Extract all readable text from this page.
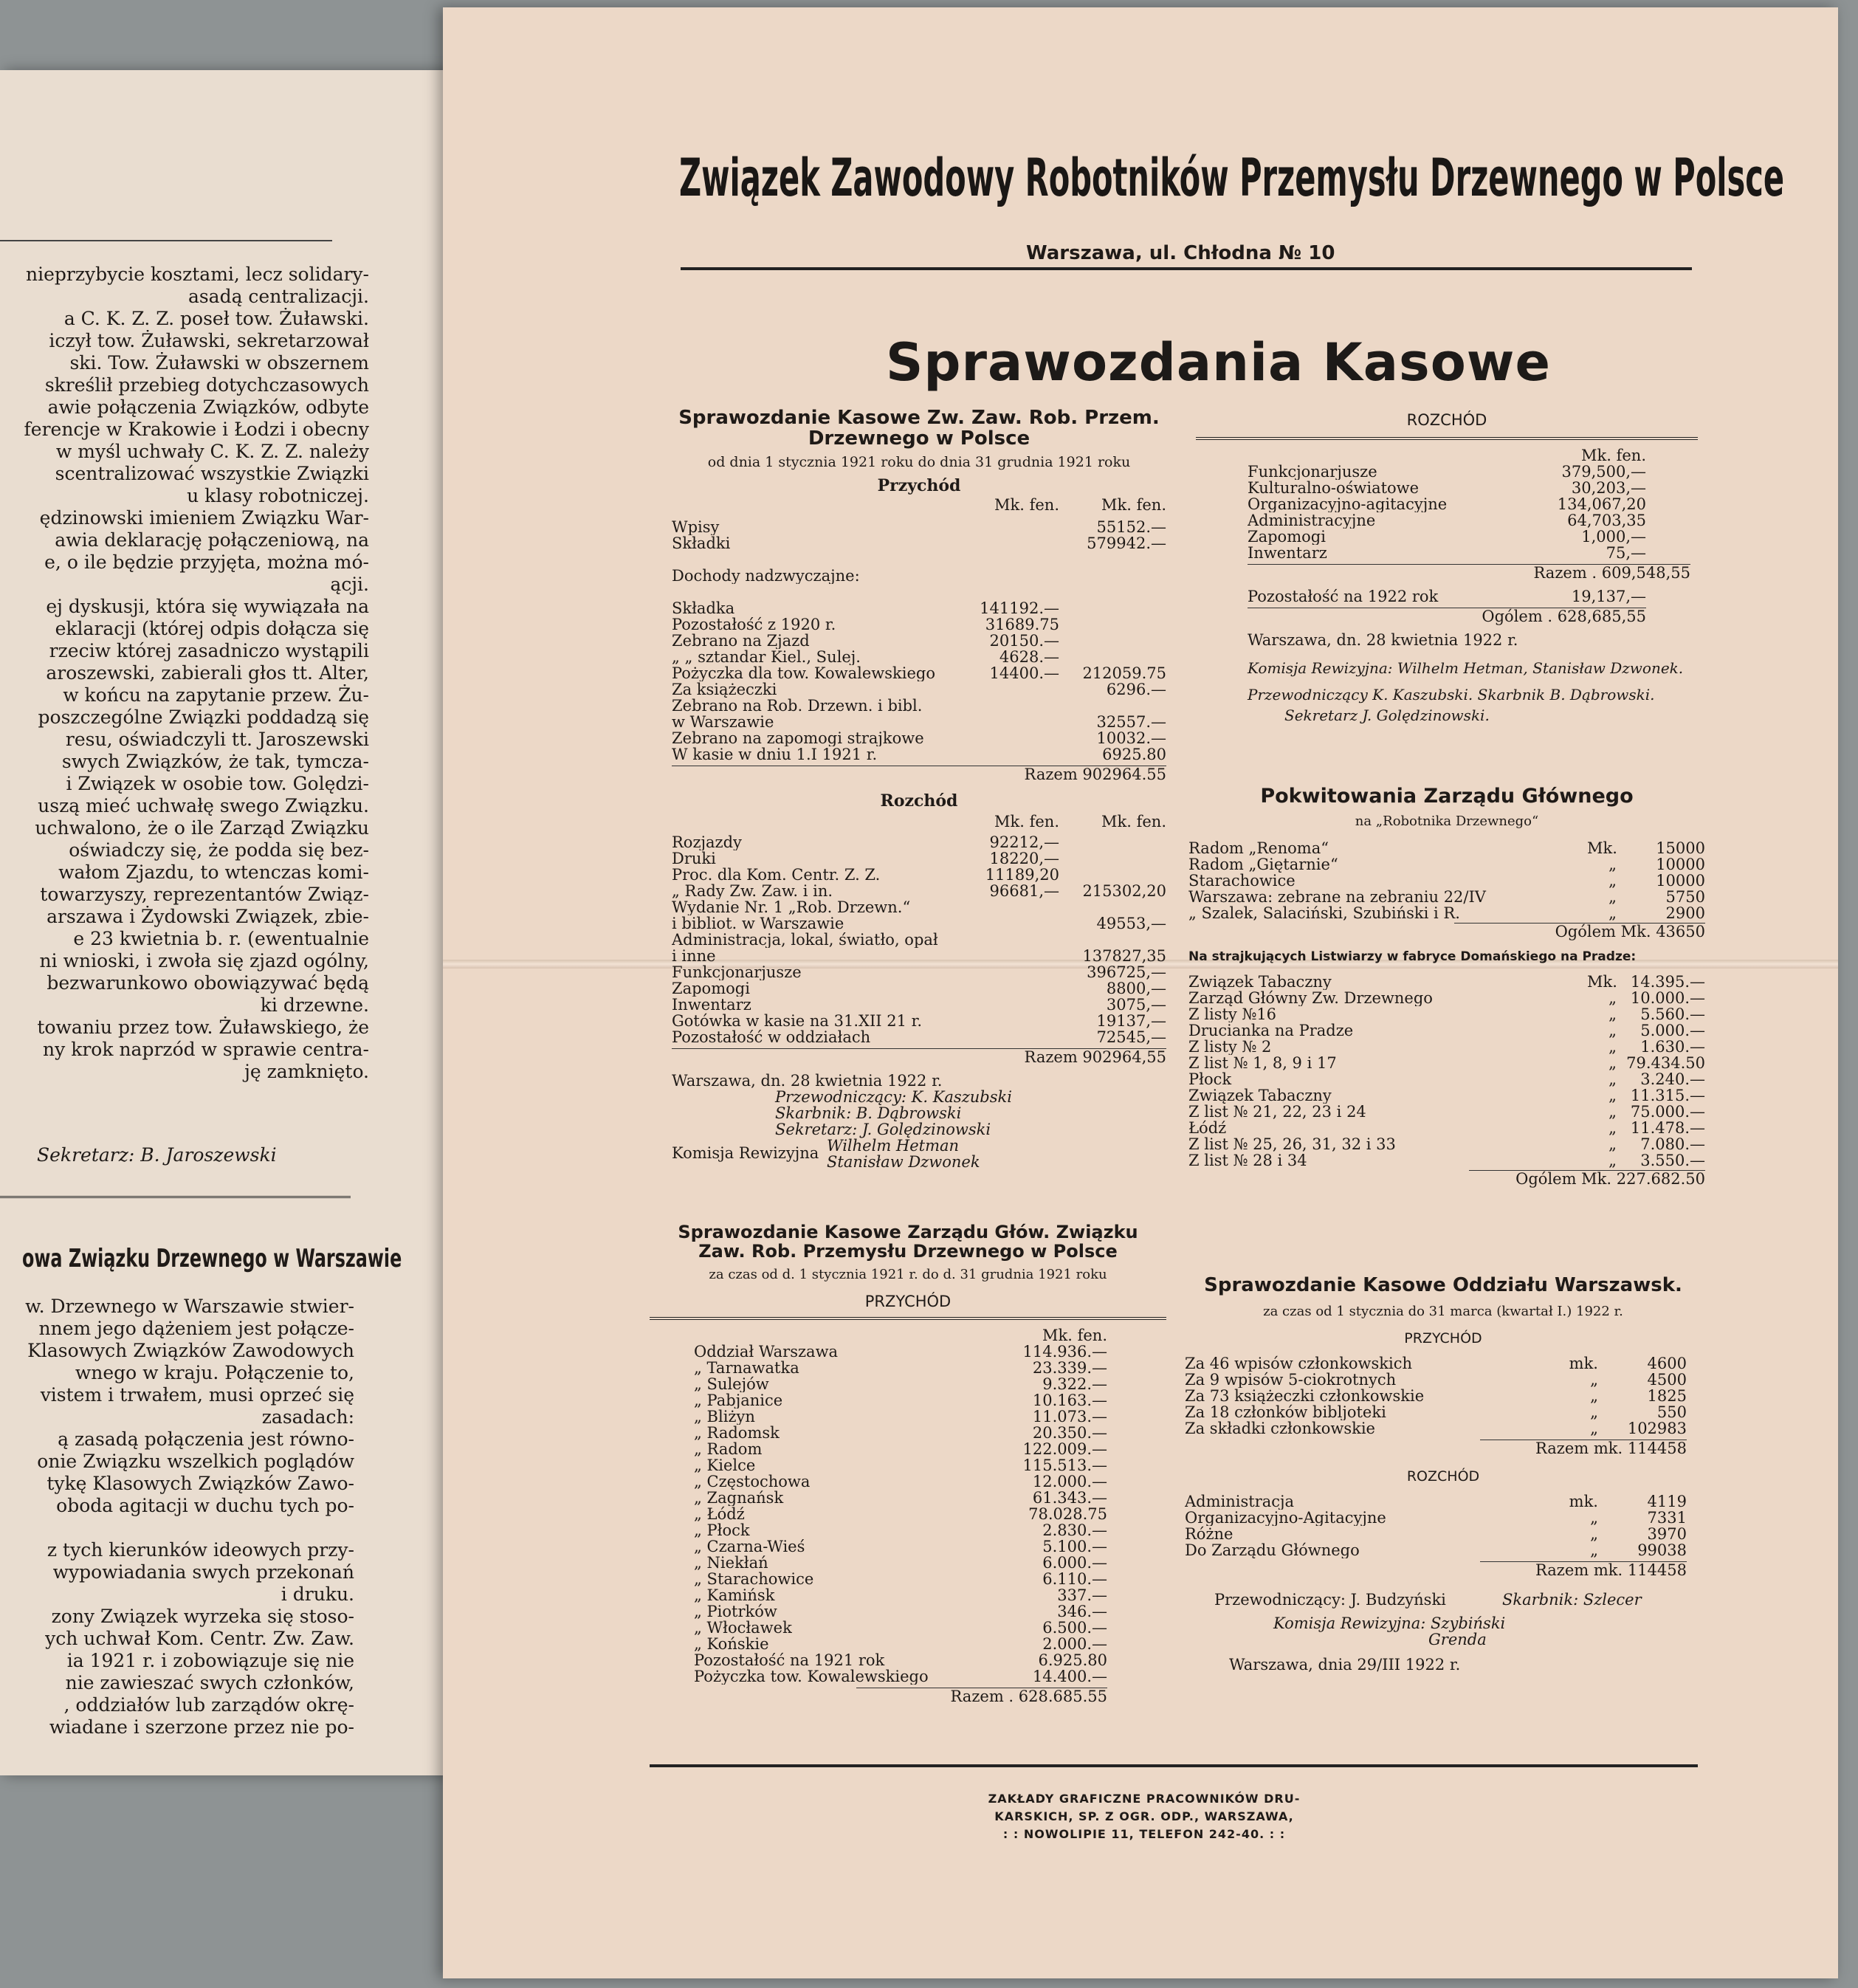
nieprzybycie kosztami, lecz solidary-
asadą centralizacji.
a C. K. Z. Z. poseł tow. Żuławski.
iczył tow. Żuławski, sekretarzował
ski. Tow. Żuławski w obszernem
skreślił przebieg dotychczasowych
awie połączenia Związków, odbyte
ferencje w Krakowie i Łodzi i obecny
w myśl uchwały C. K. Z. Z. należy
scentralizować wszystkie Związki
u klasy robotniczej.
ędzinowski imieniem Związku War-
awia deklarację połączeniową, na
e, o ile będzie przyjęta, można mó-
ącji.
ej dyskusji, która się wywiązała na
eklaracji (której odpis dołącza się
rzeciw której zasadniczo wystąpili
aroszewski, zabierali głos tt. Alter,
w końcu na zapytanie przew. Żu-
poszczególne Związki poddadzą się
resu, oświadczyli tt. Jaroszewski
swych Związków, że tak, tymcza-
i Związek w osobie tow. Golędzi-
uszą mieć uchwałę swego Związku.
uchwalono, że o ile Zarząd Związku
oświadczy się, że podda się bez-
wałom Zjazdu, to wtenczas komi-
towarzyszy, reprezentantów Związ-
arszawa i Żydowski Związek, zbie-
e 23 kwietnia b. r. (ewentualnie
ni wnioski, i zwoła się zjazd ogólny,
bezwarunkowo obowiązywać będą
ki drzewne.
towaniu przez tow. Żuławskiego, że
ny krok naprzód w sprawie centra-
ję zamknięto.
Sekretarz: B. Jaroszewski
owa Związku Drzewnego w Warszawie
w. Drzewnego w Warszawie stwier-
nnem jego dążeniem jest połącze-
Klasowych Związków Zawodowych
wnego w kraju. Połączenie to,
vistem i trwałem, musi oprzeć się
zasadach:
ą zasadą połączenia jest równo-
onie Związku wszelkich poglądów
tykę Klasowych Związków Zawo-
oboda agitacji w duchu tych po-
z tych kierunków ideowych przy-
wypowiadania swych przekonań
i druku.
zony Związek wyrzeka się stoso-
ych uchwał Kom. Centr. Zw. Zaw.
ia 1921 r. i zobowiązuje się nie
nie zawieszać swych członków,
, oddziałów lub zarządów okrę-
wiadane i szerzone przez nie po-
Związek Zawodowy Robotników Przemysłu Drzewnego w Polsce
Warszawa, ul. Chłodna № 10
Sprawozdania Kasowe
Sprawozdanie Kasowe Zw. Zaw. Rob. Przem.
Drzewnego w Polsce
od dnia 1 stycznia 1921 roku do dnia 31 grudnia 1921 roku
Przychód
Mk. fen.	Mk. fen.
Wpisy	55152.—
Składki	579942.—
Dochody nadzwyczajne:
Składka	141192.—
Pozostałość z 1920 r.	31689.75
Zebrano na Zjazd	20150.—
„ „ sztandar Kiel., Sulej.	4628.—
Pożyczka dla tow. Kowalewskiego	14400.—	212059.75
Za książeczki	6296.—
Zebrano na Rob. Drzewn. i bibl.
w Warszawie	32557.—
Zebrano na zapomogi strajkowe	10032.—
W kasie w dniu 1.I 1921 r.	6925.80
Razem 902964.55
Rozchód
Mk. fen.	Mk. fen.
Rozjazdy	92212,—
Druki	18220,—
Proc. dla Kom. Centr. Z. Z.	11189,20
„ Rady Zw. Zaw. i in.	96681,—	215302,20
Wydanie Nr. 1 „Rob. Drzewn.“
i bibliot. w Warszawie	49553,—
Administracja, lokal, światło, opał
i inne	137827,35
Funkcjonarjusze	396725,—
Zapomogi	8800,—
Inwentarz	3075,—
Gotówka w kasie na 31.XII 21 r.	19137,—
Pozostałość w oddziałach	72545,—
Razem 902964,55
Warszawa, dn. 28 kwietnia 1922 r.
Przewodniczący: K. Kaszubski
Skarbnik: B. Dąbrowski
Sekretarz: J. Golędzinowski
Komisja Rewizyjna Wilhelm Hetman
Stanisław Dzwonek
ROZCHÓD
Mk. fen.
Funkcjonarjusze	379,500,—
Kulturalno-oświatowe	30,203,—
Organizacyjno-agitacyjne	134,067,20
Administracyjne	64,703,35
Zapomogi	1,000,—
Inwentarz	75,—
Razem . 609,548,55
Pozostałość na 1922 rok	19,137,—
Ogólem . 628,685,55
Warszawa, dn. 28 kwietnia 1922 r.
Komisja Rewizyjna: Wilhelm Hetman, Stanisław Dzwonek.
Przewodniczący K. Kaszubski. Skarbnik B. Dąbrowski.
Sekretarz J. Golędzinowski.
Pokwitowania Zarządu Głównego
na „Robotnika Drzewnego“
Radom „Renoma“	Mk.	15000
Radom „Giętarnie“	„	10000
Starachowice	„	10000
Warszawa: zebrane na zebraniu 22/IV	„	5750
„ Szalek, Salaciński, Szubiński i R.	„	2900
Ogólem Mk. 43650
Na strajkujących Listwiarzy w fabryce Domańskiego na Pradze:
Związek Tabaczny	Mk. 14.395.—
Zarząd Główny Zw. Drzewnego	„ 10.000.—
Z listy №16	„	5.560.—
Drucianka na Pradze	„	5.000.—
Z listy № 2	„	1.630.—
Z list № 1, 8, 9 i 17	„ 79.434.50
Płock	„	3.240.—
Związek Tabaczny	„ 11.315.—
Z list № 21, 22, 23 i 24	„ 75.000.—
Łódź	„ 11.478.—
Z list № 25, 26, 31, 32 i 33	„	7.080.—
Z list № 28 i 34	„	3.550.—
Ogólem Mk. 227.682.50
Sprawozdanie Kasowe Zarządu Głów. Związku
Zaw. Rob. Przemysłu Drzewnego w Polsce
za czas od d. 1 stycznia 1921 r. do d. 31 grudnia 1921 roku
PRZYCHÓD
Mk. fen.
Oddział Warszawa	114.936.—
„ Tarnawatka	23.339.—
„ Sulejów	9.322.—
„ Pabjanice	10.163.—
„ Bliżyn	11.073.—
„ Radomsk	20.350.—
„ Radom	122.009.—
„ Kielce	115.513.—
„ Częstochowa	12.000.—
„ Zagnańsk	61.343.—
„ Łódź	78.028.75
„ Płock	2.830.—
„ Czarna-Wieś	5.100.—
„ Niekłań	6.000.—
„ Starachowice	6.110.—
„ Kamińsk	337.—
„ Piotrków	346.—
„ Włocławek	6.500.—
„ Końskie	2.000.—
Pozostałość na 1921 rok	6.925.80
Pożyczka tow. Kowalewskiego	14.400.—
Razem . 628.685.55
Sprawozdanie Kasowe Oddziału Warszawsk.
za czas od 1 stycznia do 31 marca (kwartał I.) 1922 r.
PRZYCHÓD
Za 46 wpisów członkowskich	mk.	4600
Za 9 wpisów 5-ciokrotnych	„	4500
Za 73 książeczki członkowskie	„	1825
Za 18 członków bibljoteki	„	550
Za składki członkowskie	„	102983
Razem mk. 114458
ROZCHÓD
Administracja	mk.	4119
Organizacyjno-Agitacyjne	„	7331
Różne	„	3970
Do Zarządu Głównego	„	99038
Razem mk. 114458
Przewodniczący: J. Budzyński	Skarbnik: Szlecer
Komisja Rewizyjna: Szybiński
Grenda
Warszawa, dnia 29/III 1922 r.
ZAKŁADY GRAFICZNE PRACOWNIKÓW DRU-
KARSKICH, SP. Z OGR. ODP., WARSZAWA,
: : NOWOLIPIE 11, TELEFON 242-40. : :
